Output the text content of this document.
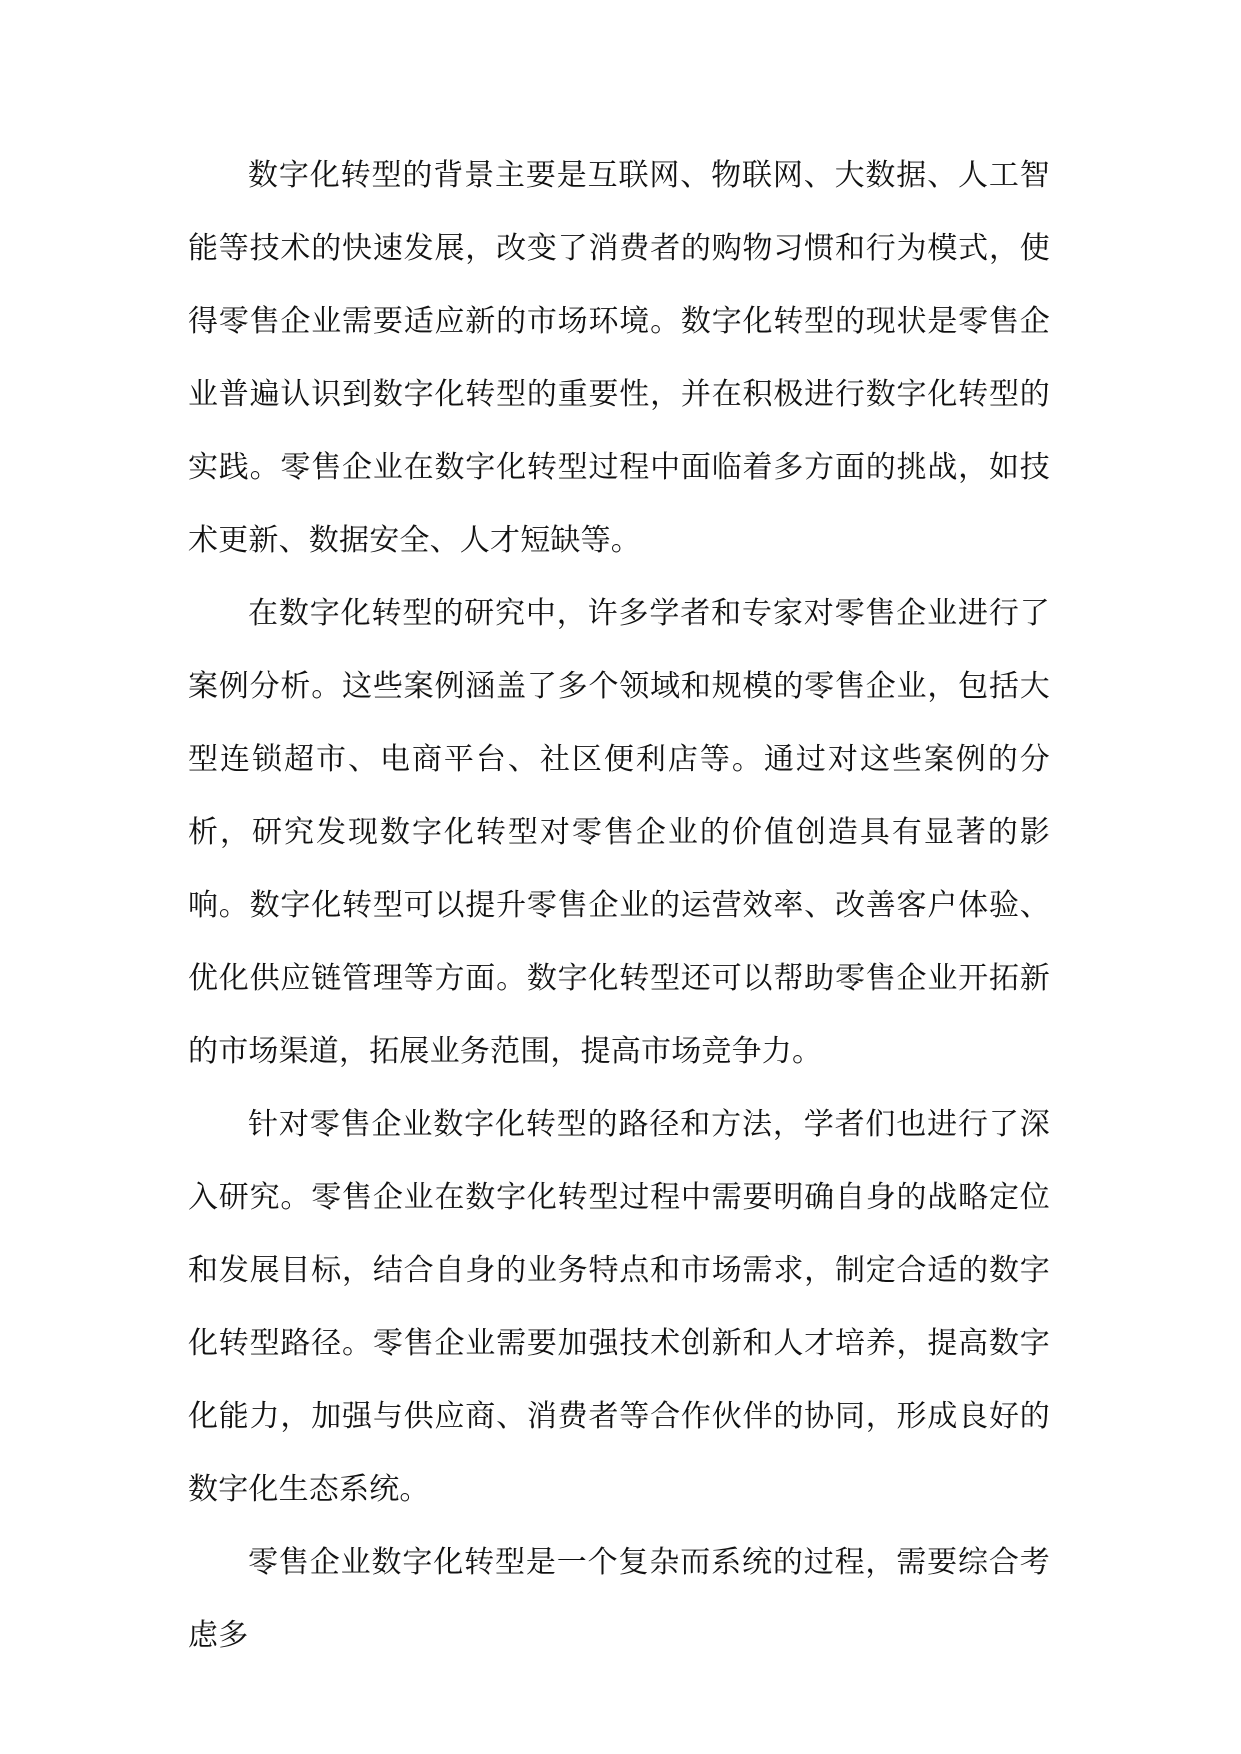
数字化转型的背景主要是互联网、物联网、大数据、人工智能等技术的快速发展，改变了消费者的购物习惯和行为模式，使得零售企业需要适应新的市场环境。数字化转型的现状是零售企业普遍认识到数字化转型的重要性，并在积极进行数字化转型的实践。零售企业在数字化转型过程中面临着多方面的挑战，如技术更新、数据安全、人才短缺等。

在数字化转型的研究中，许多学者和专家对零售企业进行了案例分析。这些案例涵盖了多个领域和规模的零售企业，包括大型连锁超市、电商平台、社区便利店等。通过对这些案例的分析，研究发现数字化转型对零售企业的价值创造具有显著的影响。数字化转型可以提升零售企业的运营效率、改善客户体验、优化供应链管理等方面。数字化转型还可以帮助零售企业开拓新的市场渠道，拓展业务范围，提高市场竞争力。

针对零售企业数字化转型的路径和方法，学者们也进行了深入研究。零售企业在数字化转型过程中需要明确自身的战略定位和发展目标，结合自身的业务特点和市场需求，制定合适的数字化转型路径。零售企业需要加强技术创新和人才培养，提高数字化能力，加强与供应商、消费者等合作伙伴的协同，形成良好的数字化生态系统。

零售企业数字化转型是一个复杂而系统的过程，需要综合考虑多
